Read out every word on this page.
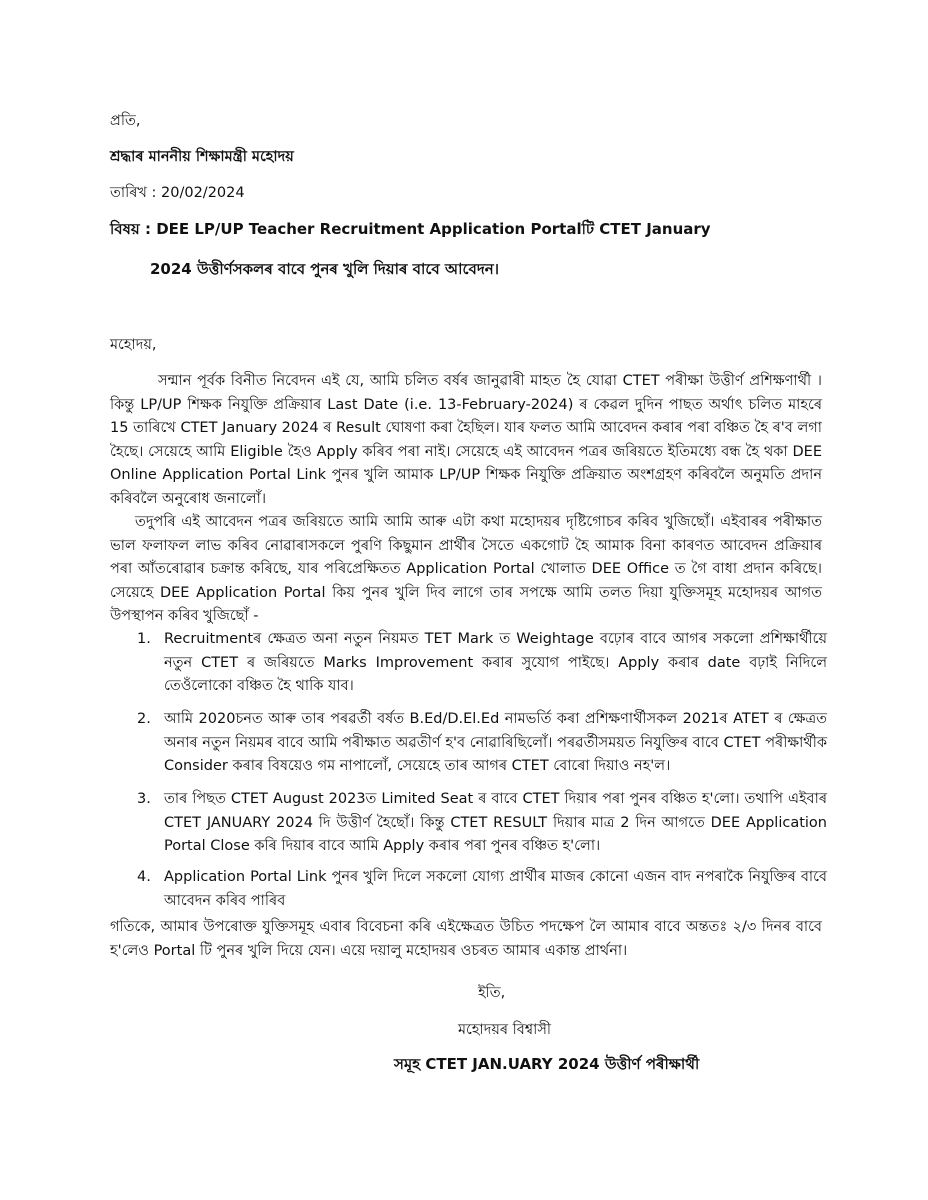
প্রতি,

শ্ৰদ্ধাৰ মাননীয় শিক্ষামন্ত্ৰী মহোদয়

তাৰিখ : 20/02/2024

বিষয় : DEE LP/UP Teacher Recruitment Application Portalটি CTET January

2024 উত্তীৰ্ণসকলৰ বাবে পুনৰ খুলি দিয়াৰ বাবে আবেদন।

মহোদয়,

সন্মান পূৰ্বক বিনীত নিবেদন এই যে, আমি চলিত বৰ্ষৰ জানুৱাৰী মাহত হৈ যোৱা CTET পৰীক্ষা উত্তীৰ্ণ প্ৰশিক্ষণাৰ্থী । কিন্তু LP/UP শিক্ষক নিযুক্তি প্ৰক্ৰিয়াৰ Last Date (i.e. 13-February-2024) ৰ কেৱল দুদিন পাছত অৰ্থাৎ চলিত মাহৰে 15 তাৰিখে CTET January 2024 ৰ Result ঘোষণা কৰা হৈছিল। যাৰ ফলত আমি আবেদন কৰাৰ পৰা বঞ্চিত হৈ ৰ'ব লগা হৈছে। সেয়েহে আমি Eligible হৈও Apply কৰিব পৰা নাই। সেয়েহে এই আবেদন পত্ৰৰ জৰিয়তে ইতিমধ্যে বন্ধ হৈ থকা DEE Online Application Portal Link পুনৰ খুলি আমাক LP/UP শিক্ষক নিযুক্তি প্ৰক্ৰিয়াত অংশগ্ৰহণ কৰিবলৈ অনুমতি প্ৰদান কৰিবলৈ অনুৰোধ জনালোঁ।

তদুপৰি এই আবেদন পত্ৰৰ জৰিয়তে আমি আমি আৰু এটা কথা মহোদয়ৰ দৃষ্টিগোচৰ কৰিব খুজিছোঁ। এইবাৰৰ পৰীক্ষাত ভাল ফলাফল লাভ কৰিব নোৱাৰাসকলে পুৰণি কিছুমান প্ৰাৰ্থীৰ সৈতে একগোট হৈ আমাক বিনা কাৰণত আবেদন প্ৰক্ৰিয়াৰ পৰা আঁতৰোৱাৰ চক্ৰান্ত কৰিছে, যাৰ পৰিপ্ৰেক্ষিতত Application Portal খোলাত DEE Office ত গৈ বাধা প্ৰদান কৰিছে। সেয়েহে DEE Application Portal কিয় পুনৰ খুলি দিব লাগে তাৰ সপক্ষে আমি তলত দিয়া যুক্তিসমূহ মহোদয়ৰ আগত উপস্থাপন কৰিব খুজিছোঁ -

1. Recruitmentৰ ক্ষেত্ৰত অনা নতুন নিয়মত TET Mark ত Weightage বঢ়োৰ বাবে আগৰ সকলো প্ৰশিক্ষাৰ্থীয়ে নতুন CTET ৰ জৰিয়তে Marks Improvement কৰাৰ সুযোগ পাইছে। Apply কৰাৰ date বঢ়াই নিদিলে তেওঁলোকো বঞ্চিত হৈ থাকি যাব।
2. আমি 2020চনত আৰু তাৰ পৰৱৰ্তী বৰ্ষত B.Ed/D.El.Ed নামভৰ্তি কৰা প্ৰশিক্ষণাৰ্থীসকল 2021ৰ ATET ৰ ক্ষেত্ৰত অনাৰ নতুন নিয়মৰ বাবে আমি পৰীক্ষাত অৱতীৰ্ণ হ'ব নোৱাৰিছিলোঁ। পৰৱৰ্তীসময়ত নিযুক্তিৰ বাবে CTET পৰীক্ষাৰ্থীক Consider কৰাৰ বিষয়েও গম নাপালোঁ, সেয়েহে তাৰ আগৰ CTET বোৰো দিয়াও নহ'ল।
3. তাৰ পিছত CTET August 2023ত Limited Seat ৰ বাবে CTET দিয়াৰ পৰা পুনৰ বঞ্চিত হ'লো। তথাপি এইবাৰ CTET JANUARY 2024 দি উত্তীৰ্ণ হৈছোঁ। কিন্তু CTET RESULT দিয়াৰ মাত্ৰ 2 দিন আগতে DEE Application Portal Close কৰি দিয়াৰ বাবে আমি Apply কৰাৰ পৰা পুনৰ বঞ্চিত হ'লো।
4. Application Portal Link পুনৰ খুলি দিলে সকলো যোগ্য প্ৰাৰ্থীৰ মাজৰ কোনো এজন বাদ নপৰাকৈ নিযুক্তিৰ বাবে আবেদন কৰিব পাৰিব

গতিকে, আমাৰ উপৰোক্ত যুক্তিসমূহ এবাৰ বিবেচনা কৰি এইক্ষেত্ৰত উচিত পদক্ষেপ লৈ আমাৰ বাবে অন্ততঃ ২/৩ দিনৰ বাবে হ'লেও Portal টি পুনৰ খুলি দিয়ে যেন। এয়ে দয়ালু মহোদয়ৰ ওচৰত আমাৰ একান্ত প্ৰাৰ্থনা।

ইতি,

মহোদয়ৰ বিশ্বাসী

সমূহ CTET JAN.UARY 2024 উত্তীৰ্ণ পৰীক্ষাৰ্থী
